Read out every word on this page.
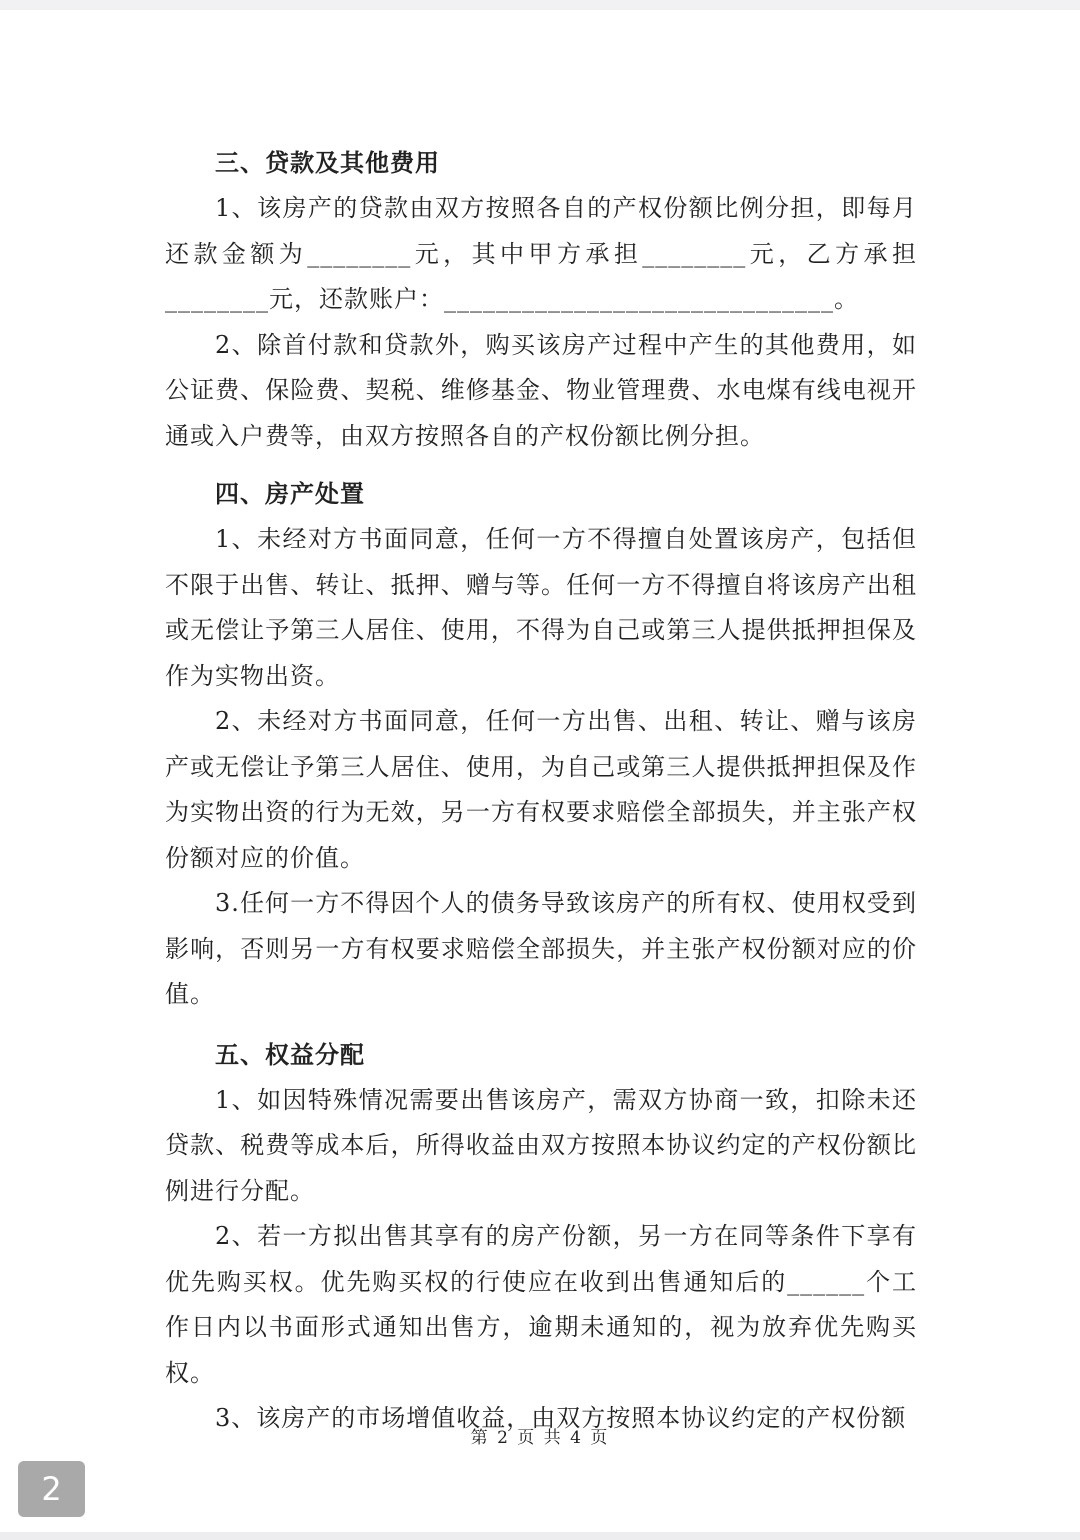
三、贷款及其他费用

1、该房产的贷款由双方按照各自的产权份额比例分担，即每月还款金额为________元，其中甲方承担________元，乙方承担________元，还款账户：______________________________。

2、除首付款和贷款外，购买该房产过程中产生的其他费用，如公证费、保险费、契税、维修基金、物业管理费、水电煤有线电视开通或入户费等，由双方按照各自的产权份额比例分担。

四、房产处置

1、未经对方书面同意，任何一方不得擅自处置该房产，包括但不限于出售、转让、抵押、赠与等。任何一方不得擅自将该房产出租或无偿让予第三人居住、使用，不得为自己或第三人提供抵押担保及作为实物出资。

2、未经对方书面同意，任何一方出售、出租、转让、赠与该房产或无偿让予第三人居住、使用，为自己或第三人提供抵押担保及作为实物出资的行为无效，另一方有权要求赔偿全部损失，并主张产权份额对应的价值。

3.任何一方不得因个人的债务导致该房产的所有权、使用权受到影响，否则另一方有权要求赔偿全部损失，并主张产权份额对应的价值。

五、权益分配

1、如因特殊情况需要出售该房产，需双方协商一致，扣除未还贷款、税费等成本后，所得收益由双方按照本协议约定的产权份额比例进行分配。

2、若一方拟出售其享有的房产份额，另一方在同等条件下享有优先购买权。优先购买权的行使应在收到出售通知后的______个工作日内以书面形式通知出售方，逾期未通知的，视为放弃优先购买权。

3、该房产的市场增值收益，由双方按照本协议约定的产权份额

第 2 页 共 4 页
2
